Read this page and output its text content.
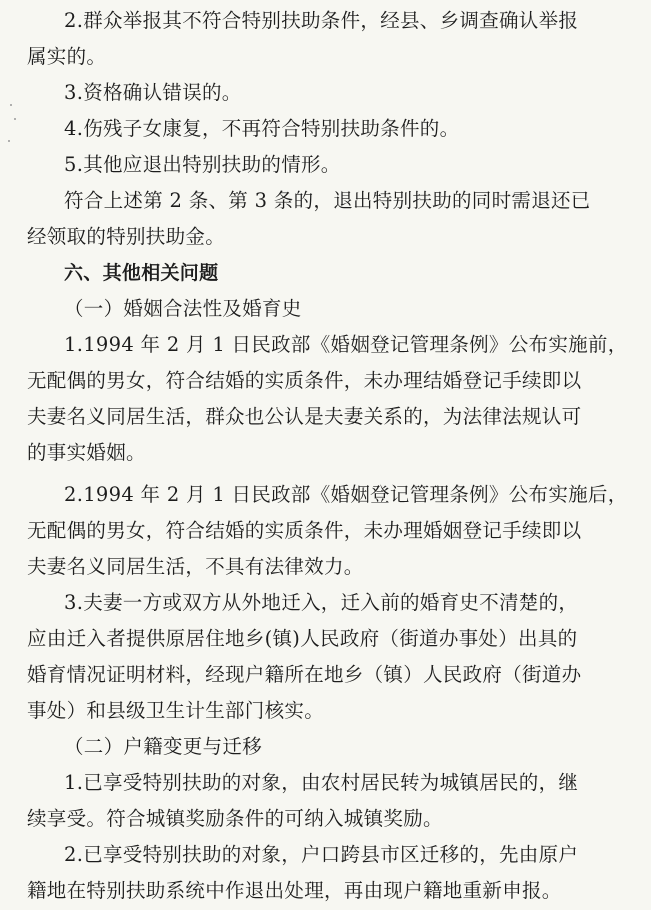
2.群众举报其不符合特别扶助条件，经县、乡调查确认举报
属实的。
3.资格确认错误的。
4.伤残子女康复，不再符合特别扶助条件的。
5.其他应退出特别扶助的情形。
符合上述第 2 条、第 3 条的，退出特别扶助的同时需退还已
经领取的特别扶助金。
六、其他相关问题
（一）婚姻合法性及婚育史
1.1994 年 2 月 1 日民政部《婚姻登记管理条例》公布实施前，
无配偶的男女，符合结婚的实质条件，未办理结婚登记手续即以
夫妻名义同居生活，群众也公认是夫妻关系的，为法律法规认可
的事实婚姻。
2.1994 年 2 月 1 日民政部《婚姻登记管理条例》公布实施后，
无配偶的男女，符合结婚的实质条件，未办理婚姻登记手续即以
夫妻名义同居生活，不具有法律效力。
3.夫妻一方或双方从外地迁入，迁入前的婚育史不清楚的，
应由迁入者提供原居住地乡(镇)人民政府（街道办事处）出具的
婚育情况证明材料，经现户籍所在地乡（镇）人民政府（街道办
事处）和县级卫生计生部门核实。
（二）户籍变更与迁移
1.已享受特别扶助的对象，由农村居民转为城镇居民的，继
续享受。符合城镇奖励条件的可纳入城镇奖励。
2.已享受特别扶助的对象，户口跨县市区迁移的，先由原户
籍地在特别扶助系统中作退出处理，再由现户籍地重新申报。
